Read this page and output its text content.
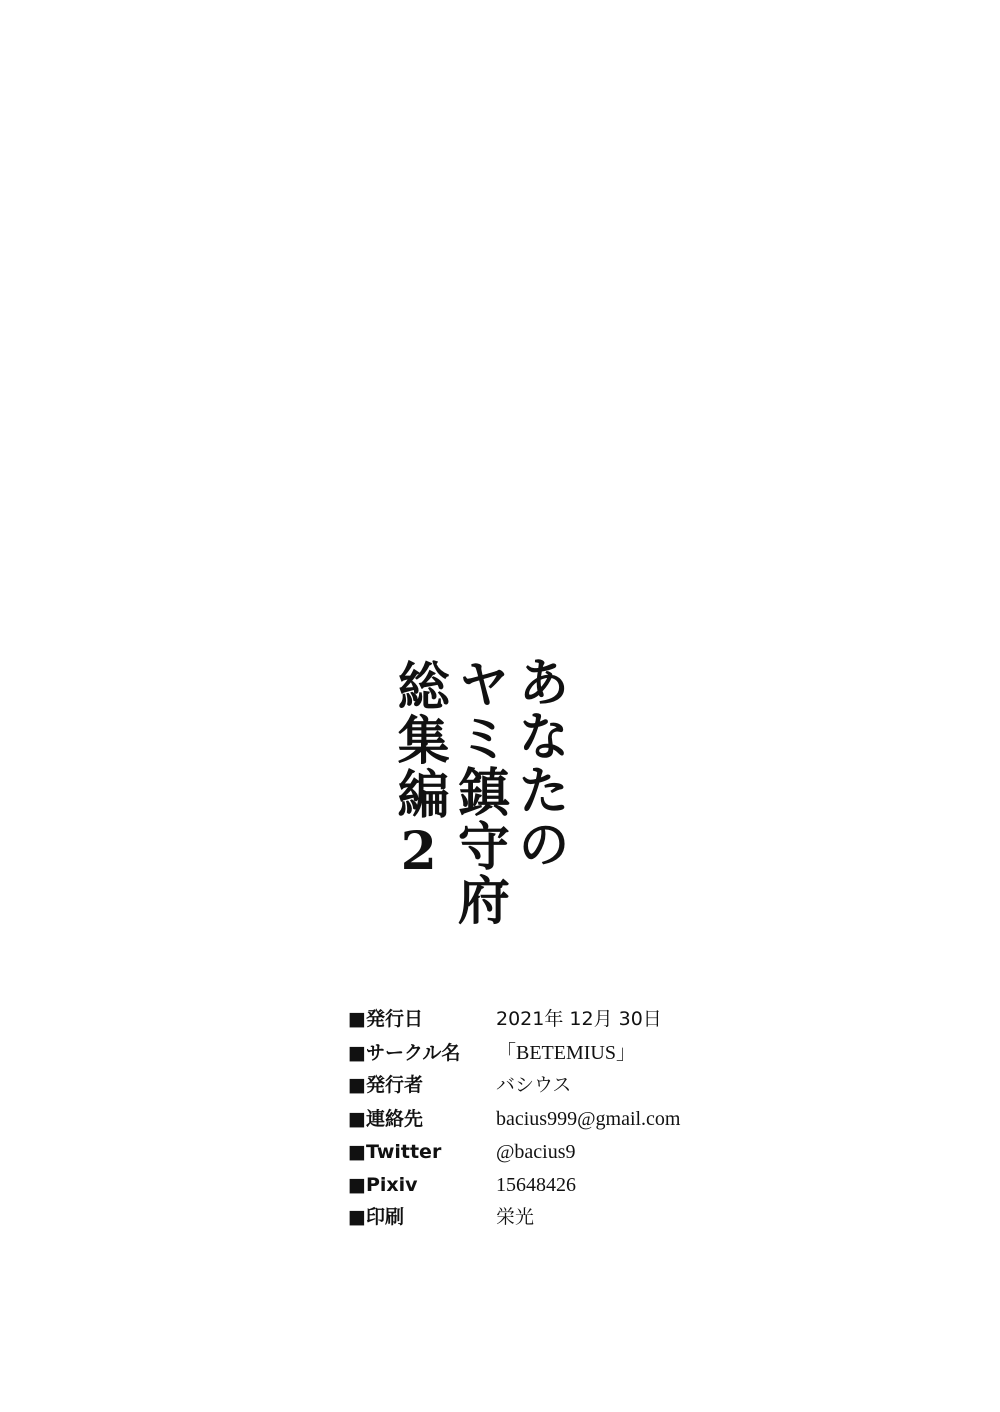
あなたの
ヤミ鎮守府
総集編2
■発行日	2021年 12月 30日
■サークル名	「BETEMIUS」
■発行者	バシウス
■連絡先	bacius999@gmail.com
■Twitter	@bacius9
■Pixiv	15648426
■印刷	栄光
